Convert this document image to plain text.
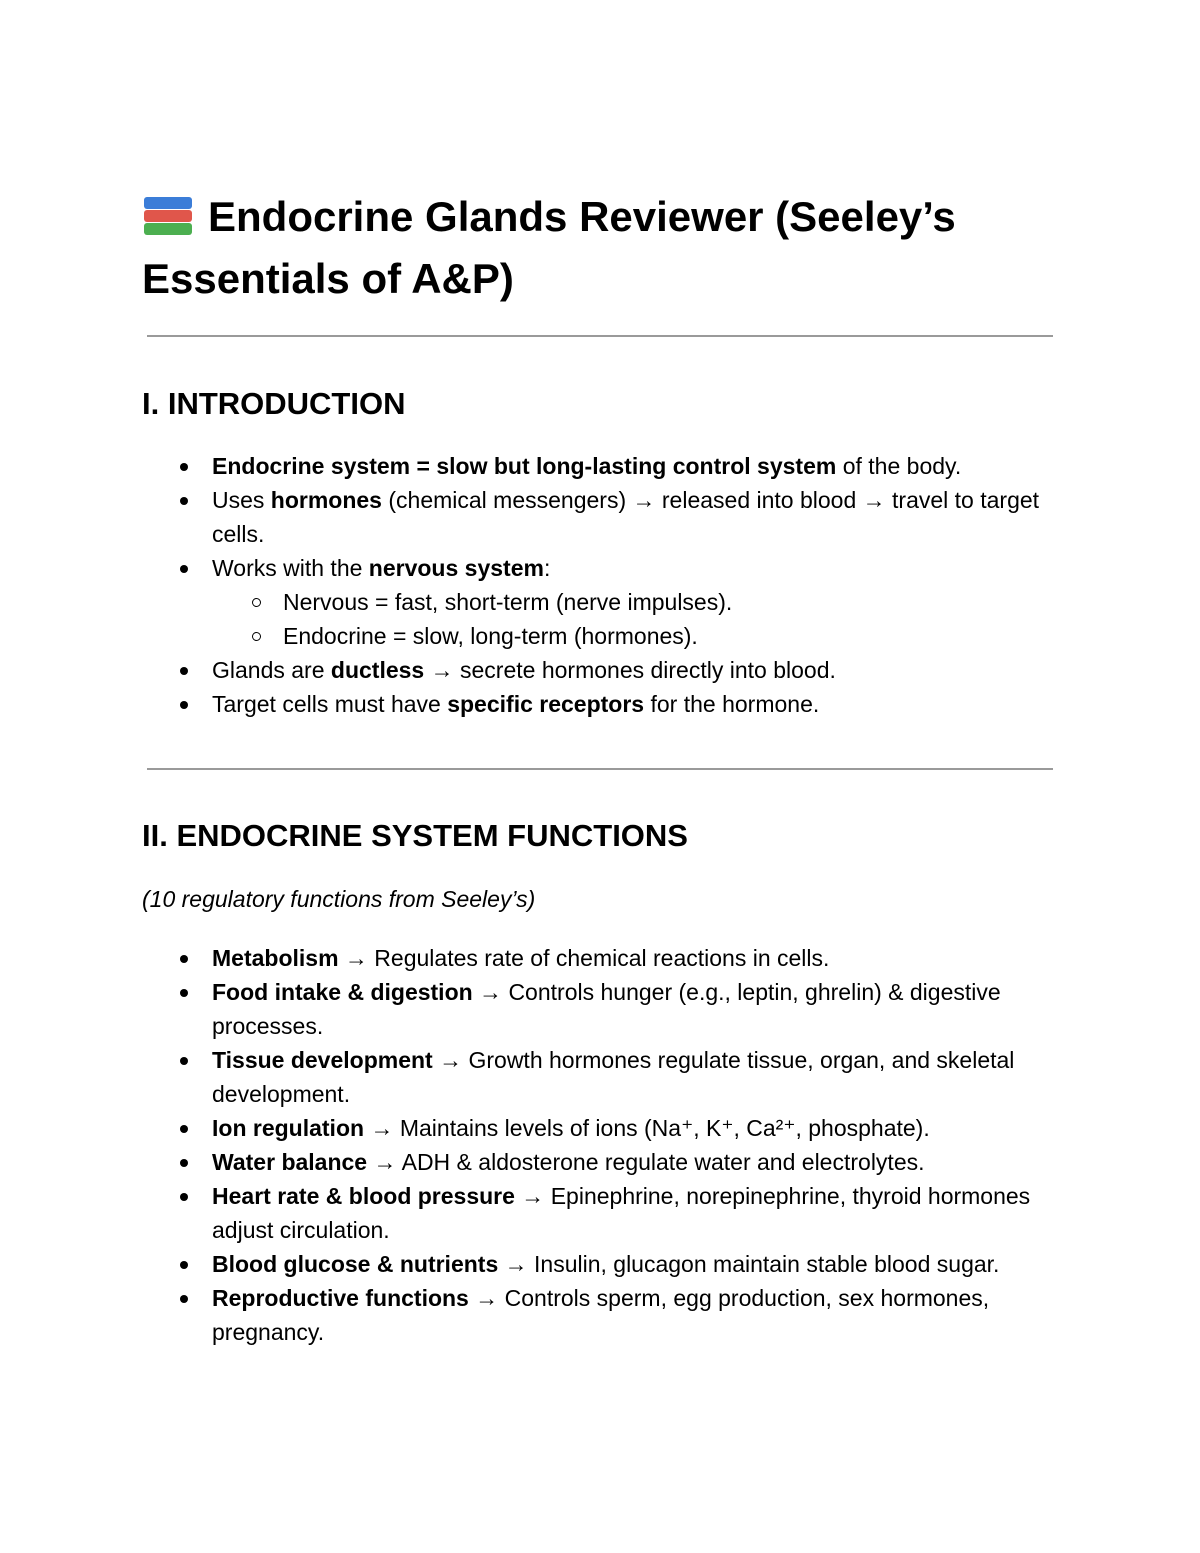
Endocrine Glands Reviewer (Seeley’s Essentials of A&P)
I. INTRODUCTION
Endocrine system = slow but long-lasting control system of the body.
Uses hormones (chemical messengers) → released into blood → travel to target cells.
Works with the nervous system:
Nervous = fast, short-term (nerve impulses).
Endocrine = slow, long-term (hormones).
Glands are ductless → secrete hormones directly into blood.
Target cells must have specific receptors for the hormone.
II. ENDOCRINE SYSTEM FUNCTIONS
(10 regulatory functions from Seeley’s)
Metabolism → Regulates rate of chemical reactions in cells.
Food intake & digestion → Controls hunger (e.g., leptin, ghrelin) & digestive processes.
Tissue development → Growth hormones regulate tissue, organ, and skeletal development.
Ion regulation → Maintains levels of ions (Na⁺, K⁺, Ca²⁺, phosphate).
Water balance → ADH & aldosterone regulate water and electrolytes.
Heart rate & blood pressure → Epinephrine, norepinephrine, thyroid hormones adjust circulation.
Blood glucose & nutrients → Insulin, glucagon maintain stable blood sugar.
Reproductive functions → Controls sperm, egg production, sex hormones, pregnancy.
